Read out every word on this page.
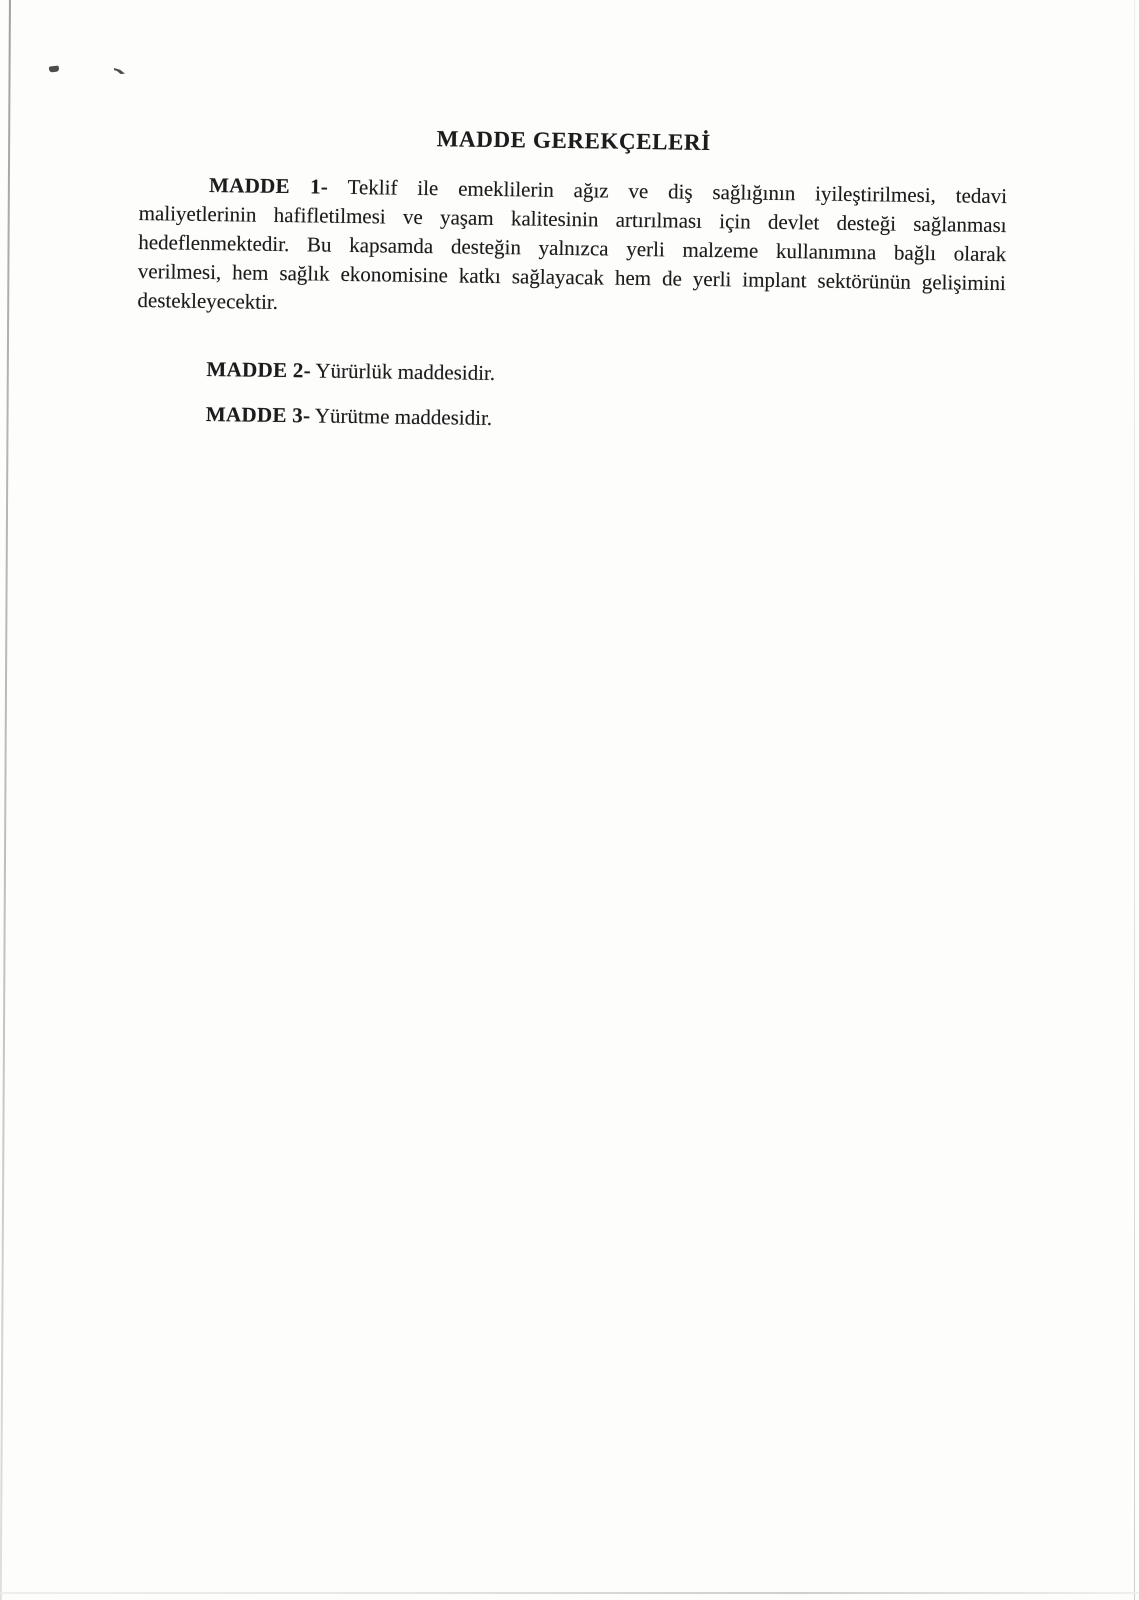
MADDE GEREKÇELERİ

MADDE 1- Teklif ile emeklilerin ağız ve diş sağlığının iyileştirilmesi, tedavi maliyetlerinin hafifletilmesi ve yaşam kalitesinin artırılması için devlet desteği sağlanması hedeflenmektedir. Bu kapsamda desteğin yalnızca yerli malzeme kullanımına bağlı olarak verilmesi, hem sağlık ekonomisine katkı sağlayacak hem de yerli implant sektörünün gelişimini destekleyecektir.

MADDE 2- Yürürlük maddesidir.

MADDE 3- Yürütme maddesidir.
